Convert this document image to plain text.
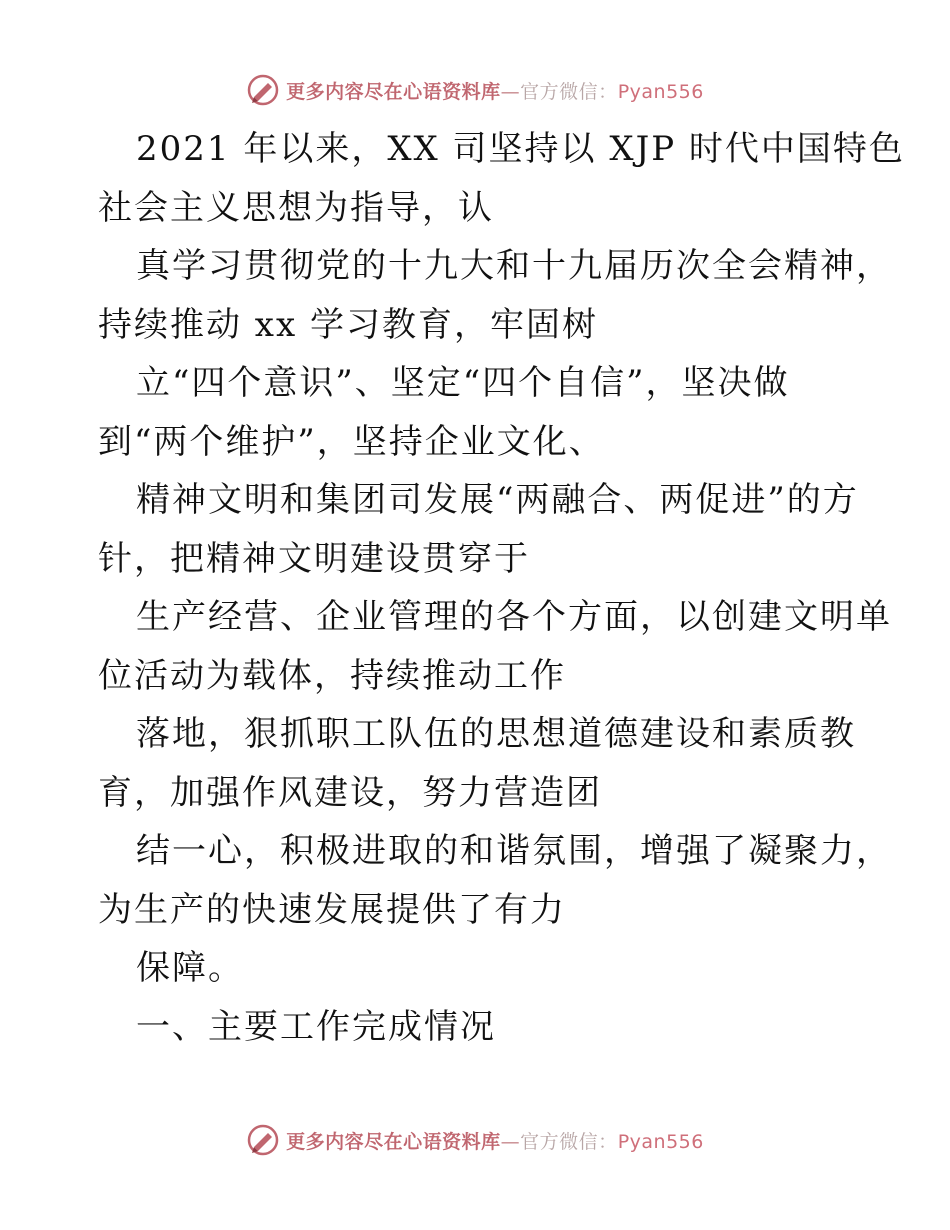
更多内容尽在心语资料库—官方微信：Pyan556
2021 年以来，XX 司坚持以 XJP 时代中国特色
社会主义思想为指导，认
真学习贯彻党的十九大和十九届历次全会精神，
持续推动 xx 学习教育，牢固树
立“四个意识”、坚定“四个自信”，坚决做
到“两个维护”，坚持企业文化、
精神文明和集团司发展“两融合、两促进”的方
针，把精神文明建设贯穿于
生产经营、企业管理的各个方面，以创建文明单
位活动为载体，持续推动工作
落地，狠抓职工队伍的思想道德建设和素质教
育，加强作风建设，努力营造团
结一心，积极进取的和谐氛围，增强了凝聚力，
为生产的快速发展提供了有力
保障。
一、主要工作完成情况
更多内容尽在心语资料库—官方微信：Pyan556
